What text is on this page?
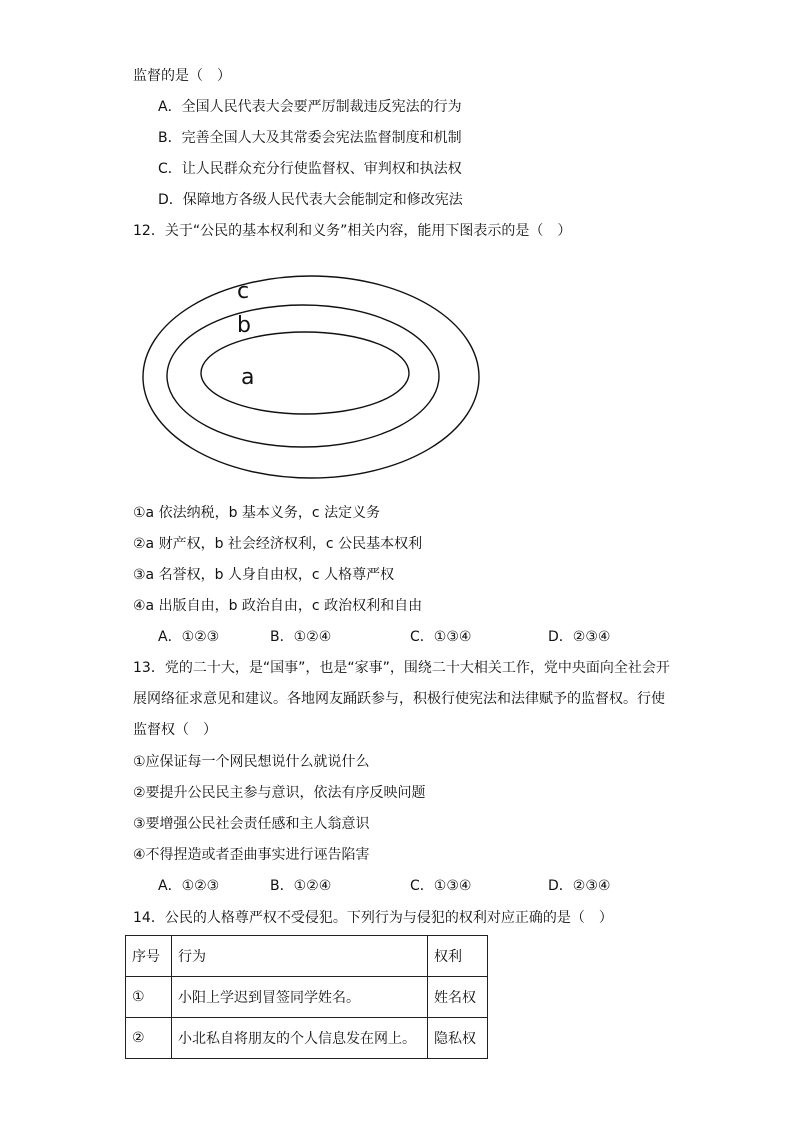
监督的是（　）
A．全国人民代表大会要严厉制裁违反宪法的行为
B．完善全国人大及其常委会宪法监督制度和机制
C．让人民群众充分行使监督权、审判权和执法权
D．保障地方各级人民代表大会能制定和修改宪法
12．关于“公民的基本权利和义务”相关内容，能用下图表示的是（　）
c
b
a
①a 依法纳税，b 基本义务，c 法定义务
②a 财产权，b 社会经济权利，c 公民基本权利
③a 名誉权，b 人身自由权，c 人格尊严权
④a 出版自由，b 政治自由，c 政治权利和自由
A．①②③	B．①②④	C．①③④	D．②③④
13．党的二十大，是“国事”，也是“家事”，围绕二十大相关工作，党中央面向全社会开
展网络征求意见和建议。各地网友踊跃参与，积极行使宪法和法律赋予的监督权。行使
监督权（　）
①应保证每一个网民想说什么就说什么
②要提升公民民主参与意识，依法有序反映问题
③要增强公民社会责任感和主人翁意识
④不得捏造或者歪曲事实进行诬告陷害
A．①②③	B．①②④	C．①③④	D．②③④
14．公民的人格尊严权不受侵犯。下列行为与侵犯的权利对应正确的是（　）
序号	行为	权利
①	小阳上学迟到冒签同学姓名。	姓名权
②	小北私自将朋友的个人信息发在网上。	隐私权
